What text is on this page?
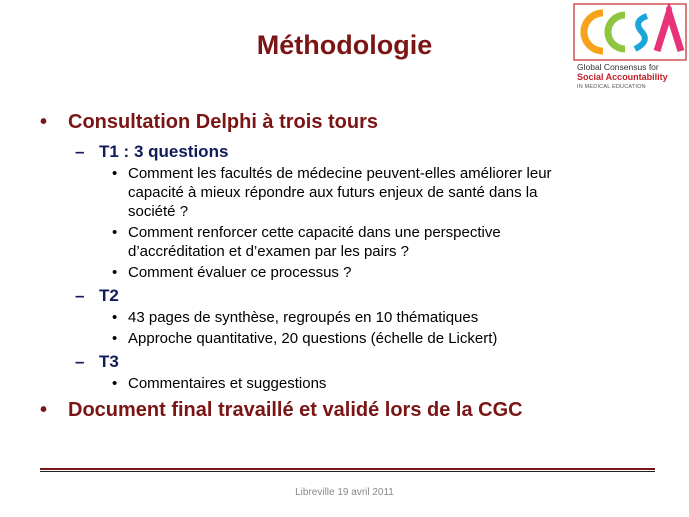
Méthodologie
Global Consensus for
Social Accountability
IN MEDICAL EDUCATION
• Consultation Delphi à trois tours
– T1 : 3 questions
• Comment les facultés de médecine peuvent-elles améliorer leur
capacité à mieux répondre aux futurs enjeux de santé dans la
société ?
• Comment renforcer cette capacité dans une perspective
d’accréditation et d’examen par les pairs ?
• Comment évaluer ce processus ?
– T2
• 43 pages de synthèse, regroupés en 10 thématiques
• Approche quantitative, 20 questions (échelle de Lickert)
– T3
• Commentaires et suggestions
• Document final travaillé et validé lors de la CGC
Libreville 19 avril 2011
